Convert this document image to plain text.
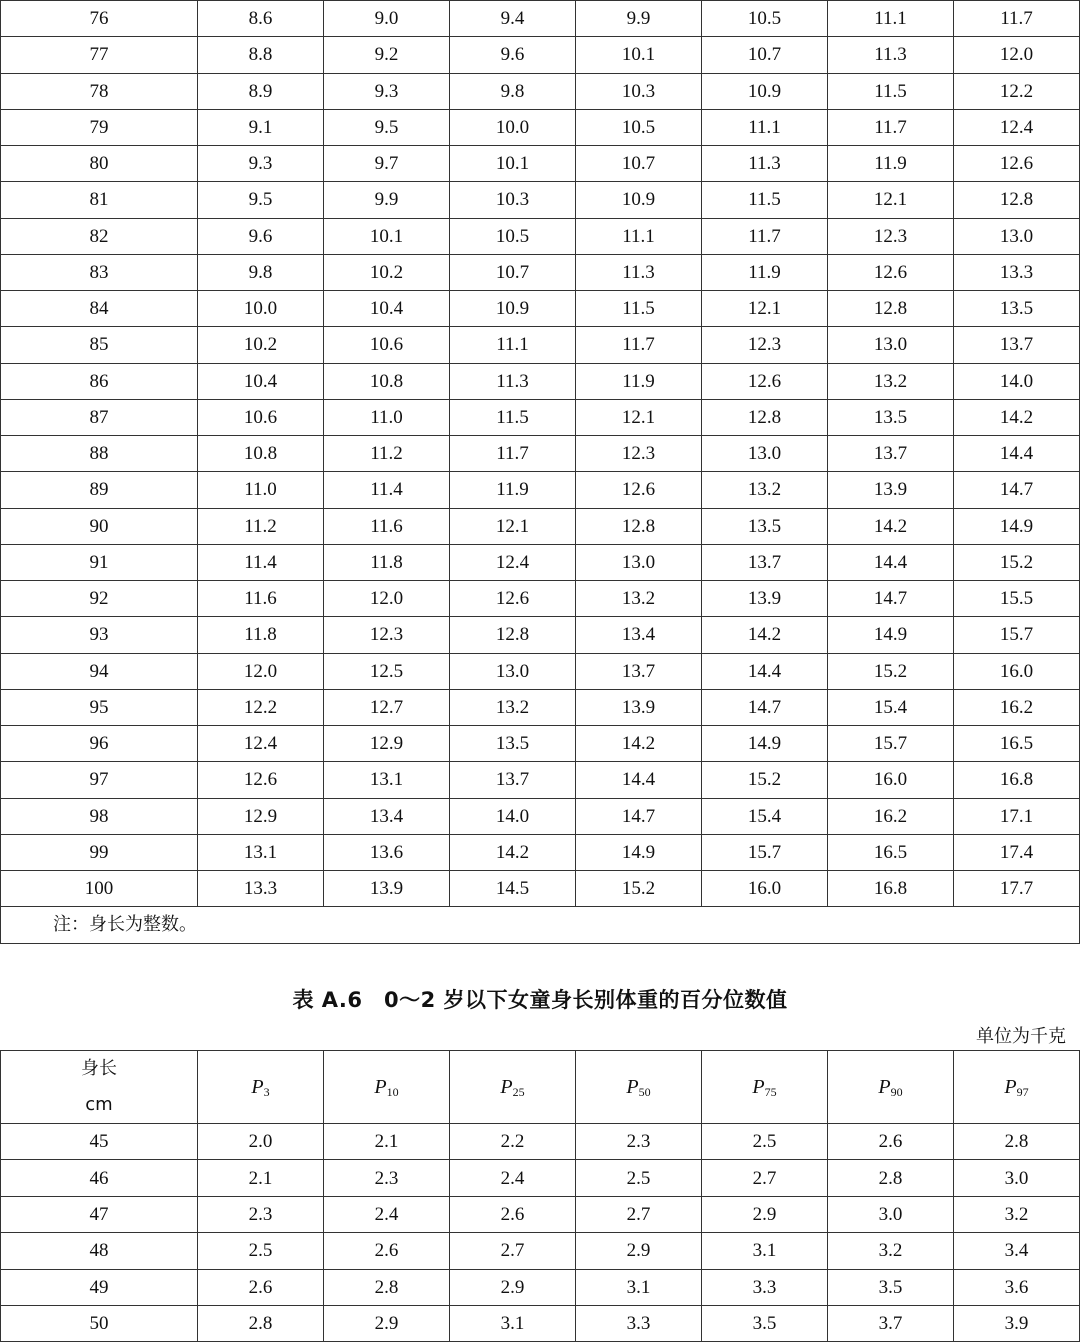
76	8.6	9.0	9.4	9.9	10.5	11.1	11.7
77	8.8	9.2	9.6	10.1	10.7	11.3	12.0
78	8.9	9.3	9.8	10.3	10.9	11.5	12.2
79	9.1	9.5	10.0	10.5	11.1	11.7	12.4
80	9.3	9.7	10.1	10.7	11.3	11.9	12.6
81	9.5	9.9	10.3	10.9	11.5	12.1	12.8
82	9.6	10.1	10.5	11.1	11.7	12.3	13.0
83	9.8	10.2	10.7	11.3	11.9	12.6	13.3
84	10.0	10.4	10.9	11.5	12.1	12.8	13.5
85	10.2	10.6	11.1	11.7	12.3	13.0	13.7
86	10.4	10.8	11.3	11.9	12.6	13.2	14.0
87	10.6	11.0	11.5	12.1	12.8	13.5	14.2
88	10.8	11.2	11.7	12.3	13.0	13.7	14.4
89	11.0	11.4	11.9	12.6	13.2	13.9	14.7
90	11.2	11.6	12.1	12.8	13.5	14.2	14.9
91	11.4	11.8	12.4	13.0	13.7	14.4	15.2
92	11.6	12.0	12.6	13.2	13.9	14.7	15.5
93	11.8	12.3	12.8	13.4	14.2	14.9	15.7
94	12.0	12.5	13.0	13.7	14.4	15.2	16.0
95	12.2	12.7	13.2	13.9	14.7	15.4	16.2
96	12.4	12.9	13.5	14.2	14.9	15.7	16.5
97	12.6	13.1	13.7	14.4	15.2	16.0	16.8
98	12.9	13.4	14.0	14.7	15.4	16.2	17.1
99	13.1	13.6	14.2	14.9	15.7	16.5	17.4
100	13.3	13.9	14.5	15.2	16.0	16.8	17.7
注：身长为整数。							
表 A.6　0～2 岁以下女童身长别体重的百分位数值
单位为千克
身长
cm	$P_3$	$P_{10}$	$P_{25}$	$P_{50}$	$P_{75}$	$P_{90}$	$P_{97}$
45	2.0	2.1	2.2	2.3	2.5	2.6	2.8
46	2.1	2.3	2.4	2.5	2.7	2.8	3.0
47	2.3	2.4	2.6	2.7	2.9	3.0	3.2
48	2.5	2.6	2.7	2.9	3.1	3.2	3.4
49	2.6	2.8	2.9	3.1	3.3	3.5	3.6
50	2.8	2.9	3.1	3.3	3.5	3.7	3.9
